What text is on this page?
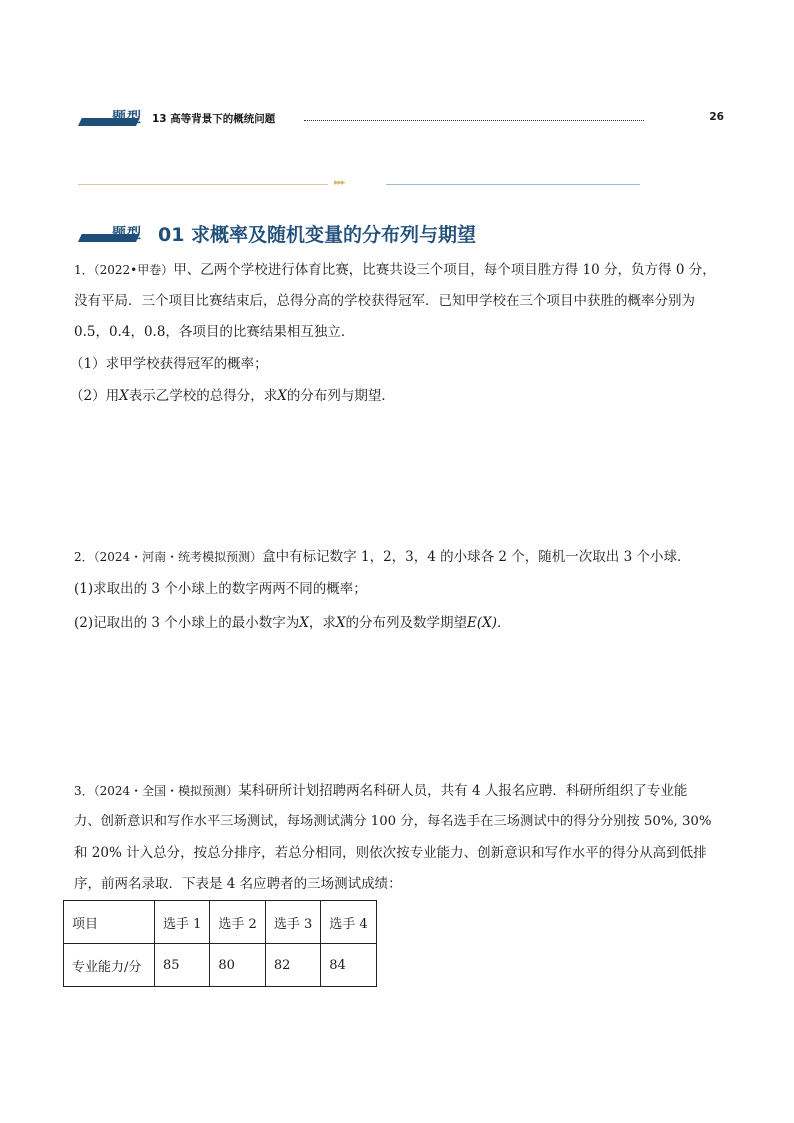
题型 13 高等背景下的概统问题	26
▸▸▸
题型 01 求概率及随机变量的分布列与期望
1．（2022•甲卷）甲、乙两个学校进行体育比赛，比赛共设三个项目，每个项目胜方得 10 分，负方得 0 分，
没有平局．三个项目比赛结束后，总得分高的学校获得冠军．已知甲学校在三个项目中获胜的概率分别为
0.5，0.4，0.8，各项目的比赛结果相互独立．
（1）求甲学校获得冠军的概率；
（2）用X表示乙学校的总得分，求X的分布列与期望．
2．（2024・河南・统考模拟预测）盒中有标记数字 1，2，3，4 的小球各 2 个，随机一次取出 3 个小球．
(1)求取出的 3 个小球上的数字两两不同的概率；
(2)记取出的 3 个小球上的最小数字为X，求X的分布列及数学期望E(X)．
3．（2024・全国・模拟预测）某科研所计划招聘两名科研人员，共有 4 人报名应聘．科研所组织了专业能
力、创新意识和写作水平三场测试，每场测试满分 100 分，每名选手在三场测试中的得分分别按 50%, 30%
和 20% 计入总分，按总分排序，若总分相同，则依次按专业能力、创新意识和写作水平的得分从高到低排
序，前两名录取．下表是 4 名应聘者的三场测试成绩：
项目	选手 1	选手 2	选手 3	选手 4
专业能力/分	85	80	82	84
